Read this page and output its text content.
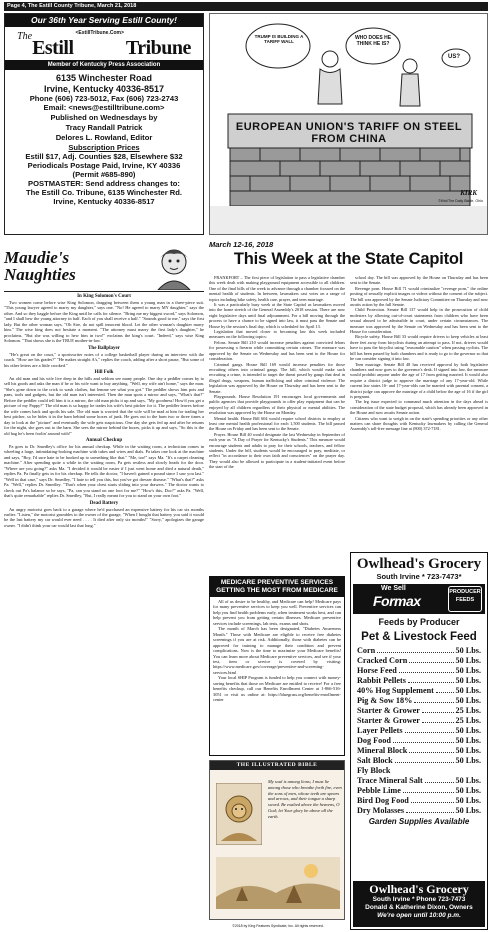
Page 4, The Estill County Tribune, March 21, 2018
Our 36th Year Serving Estill County!
The
Estill
<EstillTribune.Com>
Tribune
Member of Kentucky Press Association
6135 Winchester Road
Irvine, Kentucky 40336-8517
Phone (606) 723-5012, Fax (606) 723-2743
Email: <news@estilltribune.com>
Published on Wednesdays by
Tracy Randall Patrick
Delores L. Rowland, Editor
Subscription Prices
Estill $17, Adj. Counties $28, Elsewhere $32
Periodicals Postage Paid, Irvine, KY 40336
(Permit #685-890)
POSTMASTER: Send address changes to:
The Estill Co. Tribune, 6135 Winchester Rd.
Irvine, Kentucky 40336-8517
TRUMP IS BUILDING A TARIFF WALL
WHO DOES HE THINK HE IS?
US?
EUROPEAN UNION'S TARIFF ON STEEL FROM CHINA
KIRK
©Kirk/The Daily Blade, Ohio
Maudie's
Naughties
In King Solomon's Court

Two women come before wise King Solomon, dragging between them a young man in a three-piece suit. "This young lawyer agreed to marry my daughter," says one. "No! He agreed to marry MY daughter," says the other. And so they haggle before the King until he calls for silence. "Bring me my biggest sword," says Solomon, "and I shall hew the young attorney in half. Each of you shall receive a half." "Sounds good to me," says the first lady. But the other woman says, "Oh Sire, do not spill innocent blood. Let the other woman's daughter marry him." The wise king does not hesitate a moment. "The attorney must marry the first lady's daughter," he proclaims. "But she was willing to hew him in two!" exclaims the king's court. "Indeed," says wise King Solomon. "That shows she is the TRUE mother-in-law."

The Ballplayer

"He's great on the court," a sportswriter notes of a college basketball player during an interview with the coach. "How are his grades?" "He makes straight A's," replies the coach, adding after a short pause, "But some of his other letters are a little crooked."

Hill Folk

An old man and his wife live deep in the hills and seldom see many people. One day a peddler comes by to sell his goods and asks the man if he or his wife want to buy anything. "Well, my wife ain't home," says the man. "She's gone down to the crick to wash clothes, but lemme see what you got." The peddler shows him pots and pans, tools and gadgets, but the old man isn't interested. Then the man spots a mirror and says, "What's that?" Before the peddler could tell him it is a mirror, the old man picks it up and says, "My goodness! How'd you get a picture of my Pappy?" The old man is so happy he trades his wife's best pitcher for it. The peddler leaves before the wife comes back and spoils his sale. The old man is worried that the wife will be mad at him for trading her best pitcher, so he hides it in the barn behind some boxes of junk. He goes out to the barn two or three times a day to look at the "picture" and eventually the wife gets suspicious. One day she gets fed up and after he returns for the night, she goes out to the barn. She sees the mirror behind the boxes, picks it up and says, "So this is the old hag he's been foolin' around with!"

Annual Checkup

Pa goes to Dr. Smedley's office for his annual checkup. While in the waiting room, a technician comes in wheeling a large, intimidating-looking machine with tubes and wires and dials. Pa takes one look at the machine and says, "Boy, I'd sure hate to be hooked up to something like that." "Me, too!" says Ma. "It's a carpet cleaning machine." After spending quite a while in the waiting room, Pa gets restless and slowly heads for the door. "Where are you going?" asks Ma. "I decided it would be easier if I just went home and died a natural death," replies Pa. Pa finally gets in for his checkup. He tells the doctor, "I haven't gained a pound since I saw you last." "Well in that case," says Dr. Smedley, "I hate to tell you this, but you've got dresser disease." "What's that?" asks Pa. "Well," replies Dr. Smedley. "That's when your chest starts sliding into your drawers." The doctor wants to check out Pa's balance so he says, "Pa, can you stand on one foot for me?" "How's this, Doc?" asks Pa. "Well, that's quite remarkable" replies Dr. Smedley, "But, I really meant for you to stand on your own foot."

Dead Battery

An angry motorist goes back to a garage where he'd purchased an expensive battery for his car six months earlier. "Listen," the motorist grumbles to the owner of the garage, "When I bought that battery you said it would be the last battery my car would ever need . . . . It died after only six months!" "Sorry," apologizes the garage owner. "I didn't think your car would last that long."

March 12-16, 2018
This Week at the State Capitol

FRANKFORT – The first piece of legislation to pass a legislative chamber this week dealt with making playground equipment accessible to all children. One of the final bills of the week to advance through a chamber focused on the mental health of students. In between, lawmakers cast votes on a range of topics including bike safety, health care, prayer, and teen marriage.

It was a particularly busy week at the State Capitol as lawmakers moved into the home stretch of the General Assembly's 2018 session. There are now eight legislative days until final adjournment. For a bill moving through the process to have a chance to be signed into law, it must pass the Senate and House by the session's final day, which is scheduled for April 13.

Legislation that moved closer to becoming law this week included measures on the following topics:

Felons. Senate Bill 210 would increase penalties against convicted felons for possessing a firearm while committing certain crimes. The measure was approved by the Senate on Wednesday and has been sent to the House for consideration.

Criminal gangs. House Bill 169 would increase penalties for those recruiting others into criminal gangs. The bill, which would make such recruiting a crime, is intended to target the threat posed by gangs that deal in illegal drugs, weapons, human trafficking and other criminal violence. The legislation was approved by the House on Thursday and has been sent to the Senate.

Playgrounds. House Resolution 191 encourages local governments and public agencies that provide playgrounds to offer play equipment that can be enjoyed by all children regardless of their physical or mental abilities. The resolution was approved by the House on Monday.

Mental health. House Bill 604 would require school districts to employ at least one mental health professional for each 1,500 students. The bill passed the House on Friday and has been sent to the Senate.

Prayer. House Bill 40 would designate the last Wednesday in September of each year as "A Day of Prayer for Kentucky's Students." This measure would encourage students and adults to pray for their schools, teachers, and fellow students. Under the bill, students would be encouraged to pray, meditate, or reflect "in accordance to their own faith and consciences" on the prayer day. They would also be allowed to participate in a student-initiated event before the start of the

school day. The bill was approved by the House on Thursday and has been sent to the Senate.

Revenge porn. House Bill 71 would criminalize "revenge porn," the online posting of sexually explicit images or videos without the consent of the subject. The bill was approved by the Senate Judiciary Committee on Thursday and now awaits action by the full Senate.

Child Protection. Senate Bill 137 would help in the prosecution of child molesters by allowing out-of-court statements from children who have been sexual abused to be admissible in court, under certain circumstances. The measure was approved by the Senate on Wednesday and has been sent to the House for consideration.

Bicycle safety. House Bill 33 would require drivers to keep vehicles at least three feet away from bicyclists during an attempt to pass. If not, drivers would have to pass the bicyclist using "reasonable caution" when passing cyclists. The bill has been passed by both chambers and is ready to go to the governor so that he can consider signing it into law.

Teen marriage. Senate Bill 48 has received approval by both legislative chambers and now goes to the governor's desk. If signed into law, the measure would prohibit anyone under the age of 17 from getting married. It would also require a district judge to approve the marriage of any 17-year-old. While current law states 16- and 17-year-olds can be married with parental consent, a district judge can approve the marriage of a child below the age of 16 if the girl is pregnant.

The leg issue expected to command much attention in the days ahead is consideration of the state budget proposal, which has already been approved in the House and now awaits Senate action.

Citizens who want to weigh in on the state's spending priorities or any other matters can share thoughts with Kentucky lawmakers by calling the General Assembly's toll-free message line at (800) 372-7181.

MEDICARE PREVENTIVE SERVICES
GETTING THE MOST FROM MEDICARE

All of us desire to be healthy, and Medicare can help! Medicare pays for many preventive services to keep you well. Preventive services can help you find health problems early, when treatment works best, and can help prevent you from getting certain illnesses. Medicare preventive services include screenings, lab tests, exams and shots.

The month of March has been designated, "Diabetes Awareness Month." Those with Medicare are eligible to receive free diabetes screenings if you are at risk. Additionally, those with diabetes can be approved for training to manage their condition and prevent complications. Now is the time to maximize your Medicare benefits! You can learn more about Medicare preventive services, and see if your test, item or service is covered by visiting: https://www.medicare.gov/coverage/preventive-and-screening-services.html

Your local SHIP Program is funded to help you connect with money-saving benefits that those on Medicare are entitled to receive! For a free benefits checkup, call our Benefits Enrollment Center at 1-866-516-3051 or visit us online at: https://bluegrass.org/benefits-enrollment-center

THE ILLUSTRATED BIBLE
My soul is among lions; I must lie among those who breathe forth fire, even the sons of men, whose teeth are spears and arrows, and their tongue a sharp sword. Be exalted above the heavens, O God; let Your glory be above all the earth.
©2018 by King Features Syndicate, Inc. All rights reserved.
Owlhead's Grocery
South Irvine * 723-7473*
We Sell
Formax
PRODUCER
FEEDS
Feeds by Producer
Pet & Livestock Feed
Corn	50 Lbs.
Cracked Corn	50 Lbs.
Horse Feed	50 Lbs.
Rabbit Pellets	50 Lbs.
40% Hog Supplement	50 Lbs.
Pig & Sow 18%	50 Lbs.
Starter & Grower	25 Lbs.
Starter & Grower	25 Lbs.
Layer Pellets	50 Lbs.
Dog Food	50 Lbs.
Mineral Block	50 Lbs.
Salt Block	50 Lbs.
Fly Block
Trace Mineral Salt	50 Lbs.
Pebble Lime	50 Lbs.
Bird Dog Food	50 Lbs.
Dry Molasses	50 Lbs.
Garden Supplies Available
Owlhead's Grocery
South Irvine * Phone 723-7473
Donald & Katherine Dixon, Owners
We're open until 10:00 p.m.
